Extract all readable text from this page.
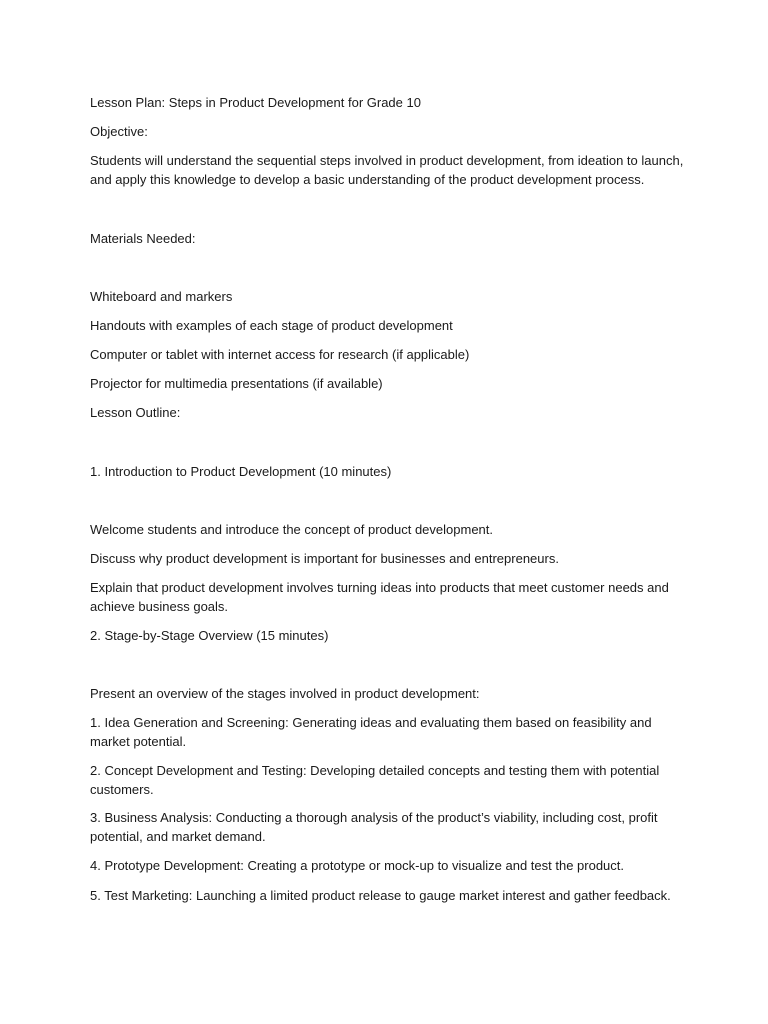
Lesson Plan: Steps in Product Development for Grade 10

Objective:

Students will understand the sequential steps involved in product development, from ideation to launch, and apply this knowledge to develop a basic understanding of the product development process.

Materials Needed:

Whiteboard and markers

Handouts with examples of each stage of product development

Computer or tablet with internet access for research (if applicable)

Projector for multimedia presentations (if available)

Lesson Outline:

1. Introduction to Product Development (10 minutes)

Welcome students and introduce the concept of product development.

Discuss why product development is important for businesses and entrepreneurs.

Explain that product development involves turning ideas into products that meet customer needs and achieve business goals.

2. Stage-by-Stage Overview (15 minutes)

Present an overview of the stages involved in product development:

1. Idea Generation and Screening: Generating ideas and evaluating them based on feasibility and market potential.

2. Concept Development and Testing: Developing detailed concepts and testing them with potential customers.

3. Business Analysis: Conducting a thorough analysis of the product’s viability, including cost, profit potential, and market demand.

4. Prototype Development: Creating a prototype or mock-up to visualize and test the product.

5. Test Marketing: Launching a limited product release to gauge market interest and gather feedback.
